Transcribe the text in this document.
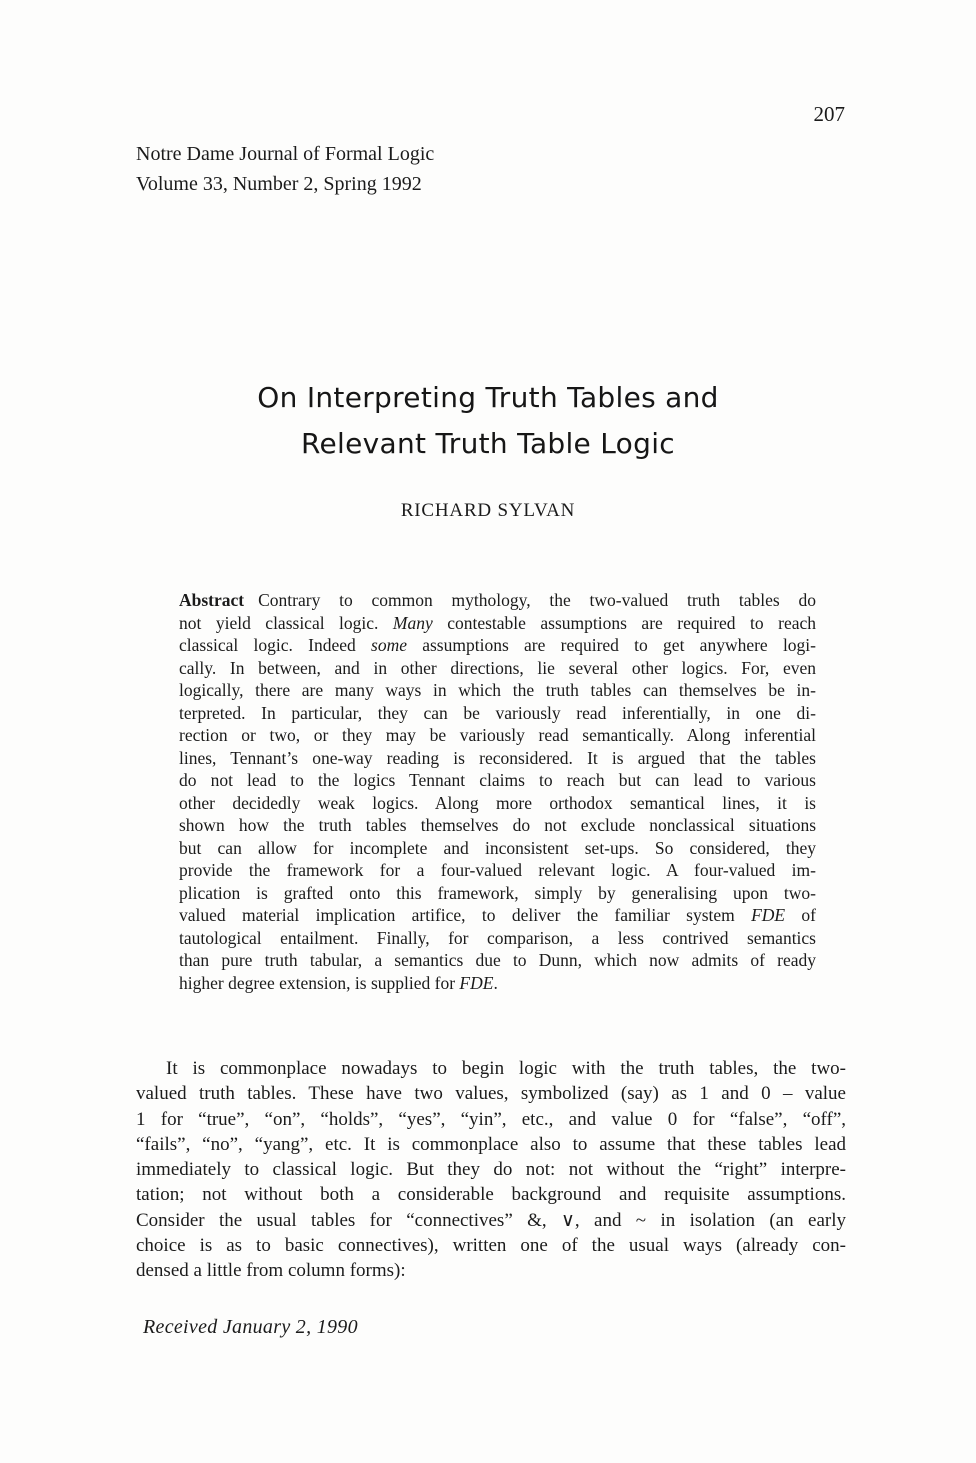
207
Notre Dame Journal of Formal Logic
Volume 33, Number 2, Spring 1992
On Interpreting Truth Tables and
Relevant Truth Table Logic
RICHARD SYLVAN
Abstract Contrary to common mythology, the two-valued truth tables do
not yield classical logic. Many contestable assumptions are required to reach
classical logic. Indeed some assumptions are required to get anywhere logi-
cally. In between, and in other directions, lie several other logics. For, even
logically, there are many ways in which the truth tables can themselves be in-
terpreted. In particular, they can be variously read inferentially, in one di-
rection or two, or they may be variously read semantically. Along inferential
lines, Tennant’s one-way reading is reconsidered. It is argued that the tables
do not lead to the logics Tennant claims to reach but can lead to various
other decidedly weak logics. Along more orthodox semantical lines, it is
shown how the truth tables themselves do not exclude nonclassical situations
but can allow for incomplete and inconsistent set-ups. So considered, they
provide the framework for a four-valued relevant logic. A four-valued im-
plication is grafted onto this framework, simply by generalising upon two-
valued material implication artifice, to deliver the familiar system FDE of
tautological entailment. Finally, for comparison, a less contrived semantics
than pure truth tabular, a semantics due to Dunn, which now admits of ready
higher degree extension, is supplied for FDE.
It is commonplace nowadays to begin logic with the truth tables, the two-
valued truth tables. These have two values, symbolized (say) as 1 and 0 – value
1 for “true”, “on”, “holds”, “yes”, “yin”, etc., and value 0 for “false”, “off”,
“fails”, “no”, “yang”, etc. It is commonplace also to assume that these tables lead
immediately to classical logic. But they do not: not without the “right” interpre-
tation; not without both a considerable background and requisite assumptions.
Consider the usual tables for “connectives” &, ∨, and ~ in isolation (an early
choice is as to basic connectives), written one of the usual ways (already con-
densed a little from column forms):
Received January 2, 1990
